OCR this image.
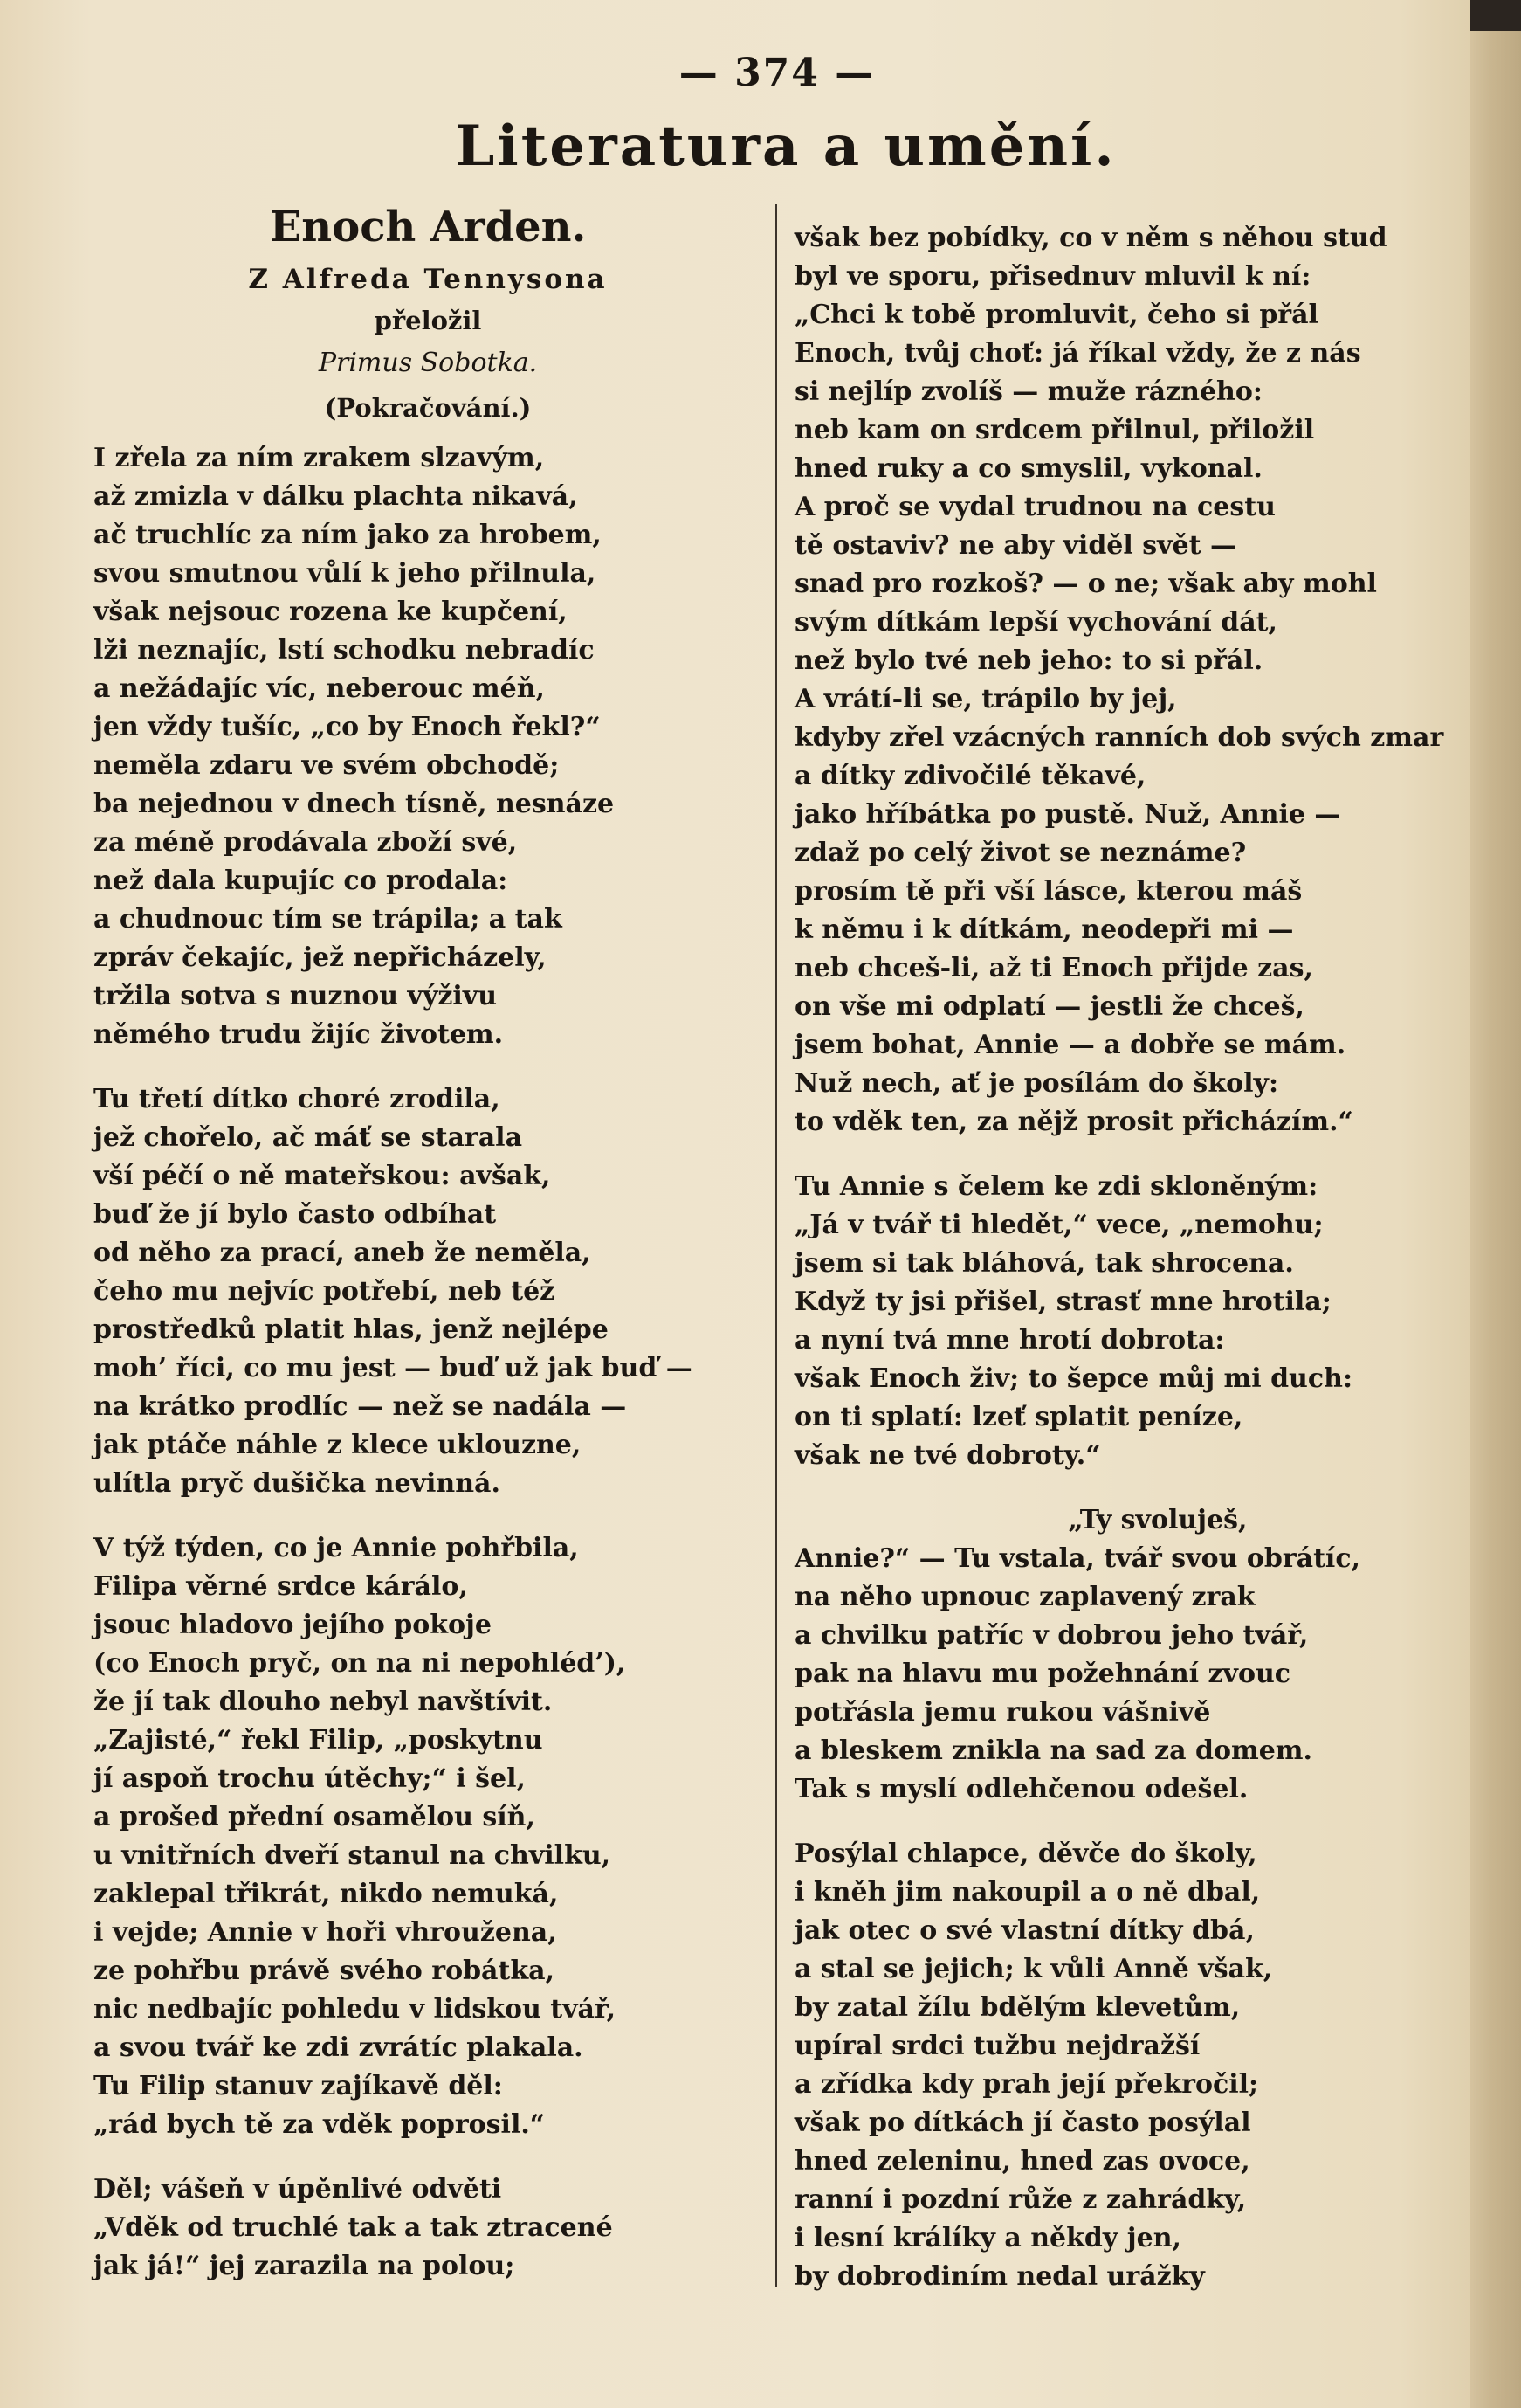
— 374 —
Literatura a umění.
Enoch Arden.
Z Alfreda Tennysona
přeložil
Primus Sobotka.
(Pokračování.)
I zřela za ním zrakem slzavým,
až zmizla v dálku plachta nikavá,
ač truchlíc za ním jako za hrobem,
svou smutnou vůlí k jeho přilnula,
však nejsouc rozena ke kupčení,
lži neznajíc, lstí schodku nebradíc
a nežádajíc víc, neberouc méň,
jen vždy tušíc, „co by Enoch řekl?“
neměla zdaru ve svém obchodě;
ba nejednou v dnech tísně, nesnáze
za méně prodávala zboží své,
než dala kupujíc co prodala:
a chudnouc tím se trápila; a tak
zpráv čekajíc, jež nepřicházely,
tržila sotva s nuznou výživu
němého trudu žijíc životem.
Tu třetí dítko choré zrodila,
jež chořelo, ač máť se starala
vší péčí o ně mateřskou: avšak,
buď že jí bylo často odbíhat
od něho za prací, aneb že neměla,
čeho mu nejvíc potřebí, neb též
prostředků platit hlas, jenž nejlépe
moh’ říci, co mu jest — buď už jak buď —
na krátko prodlíc — než se nadála —
jak ptáče náhle z klece uklouzne,
ulítla pryč dušička nevinná.
V týž týden, co je Annie pohřbila,
Filipa věrné srdce kárálo,
jsouc hladovo jejího pokoje
(co Enoch pryč, on na ni nepohléd’),
že jí tak dlouho nebyl navštívit.
„Zajisté,“ řekl Filip, „poskytnu
jí aspoň trochu útěchy;“ i šel,
a prošed přední osamělou síň,
u vnitřních dveří stanul na chvilku,
zaklepal třikrát, nikdo nemuká,
i vejde; Annie v hoři vhroužena,
ze pohřbu právě svého robátka,
nic nedbajíc pohledu v lidskou tvář,
a svou tvář ke zdi zvrátíc plakala.
Tu Filip stanuv zajíkavě děl:
„rád bych tě za vděk poprosil.“
Děl; vášeň v úpěnlivé odvěti
„Vděk od truchlé tak a tak ztracené
jak já!“ jej zarazila na polou;
však bez pobídky, co v něm s něhou stud
byl ve sporu, přisednuv mluvil k ní:
„Chci k tobě promluvit, čeho si přál
Enoch, tvůj choť: já říkal vždy, že z nás
si nejlíp zvolíš — muže rázného:
neb kam on srdcem přilnul, přiložil
hned ruky a co smyslil, vykonal.
A proč se vydal trudnou na cestu
tě ostaviv? ne aby viděl svět —
snad pro rozkoš? — o ne; však aby mohl
svým dítkám lepší vychování dát,
než bylo tvé neb jeho: to si přál.
A vrátí-li se, trápilo by jej,
kdyby zřel vzácných ranních dob svých zmar
a dítky zdivočilé těkavé,
jako hříbátka po pustě. Nuž, Annie —
zdaž po celý život se neznáme?
prosím tě při vší lásce, kterou máš
k němu i k dítkám, neodepři mi —
neb chceš-li, až ti Enoch přijde zas,
on vše mi odplatí — jestli že chceš,
jsem bohat, Annie — a dobře se mám.
Nuž nech, ať je posílám do školy:
to vděk ten, za nějž prosit přicházím.“
Tu Annie s čelem ke zdi skloněným:
„Já v tvář ti hledět,“ vece, „nemohu;
jsem si tak bláhová, tak shrocena.
Když ty jsi přišel, strasť mne hrotila;
a nyní tvá mne hrotí dobrota:
však Enoch živ; to šepce můj mi duch:
on ti splatí: lzeť splatit peníze,
však ne tvé dobroty.“
„Ty svoluješ,
Annie?“ — Tu vstala, tvář svou obrátíc,
na něho upnouc zaplavený zrak
a chvilku patříc v dobrou jeho tvář,
pak na hlavu mu požehnání zvouc
potřásla jemu rukou vášnivě
a bleskem znikla na sad za domem.
Tak s myslí odlehčenou odešel.
Posýlal chlapce, děvče do školy,
i kněh jim nakoupil a o ně dbal,
jak otec o své vlastní dítky dbá,
a stal se jejich; k vůli Anně však,
by zatal žílu bdělým klevetům,
upíral srdci tužbu nejdražší
a zřídka kdy prah její překročil;
však po dítkách jí často posýlal
hned zeleninu, hned zas ovoce,
ranní i pozdní růže z zahrádky,
i lesní králíky a někdy jen,
by dobrodiním nedal urážky
